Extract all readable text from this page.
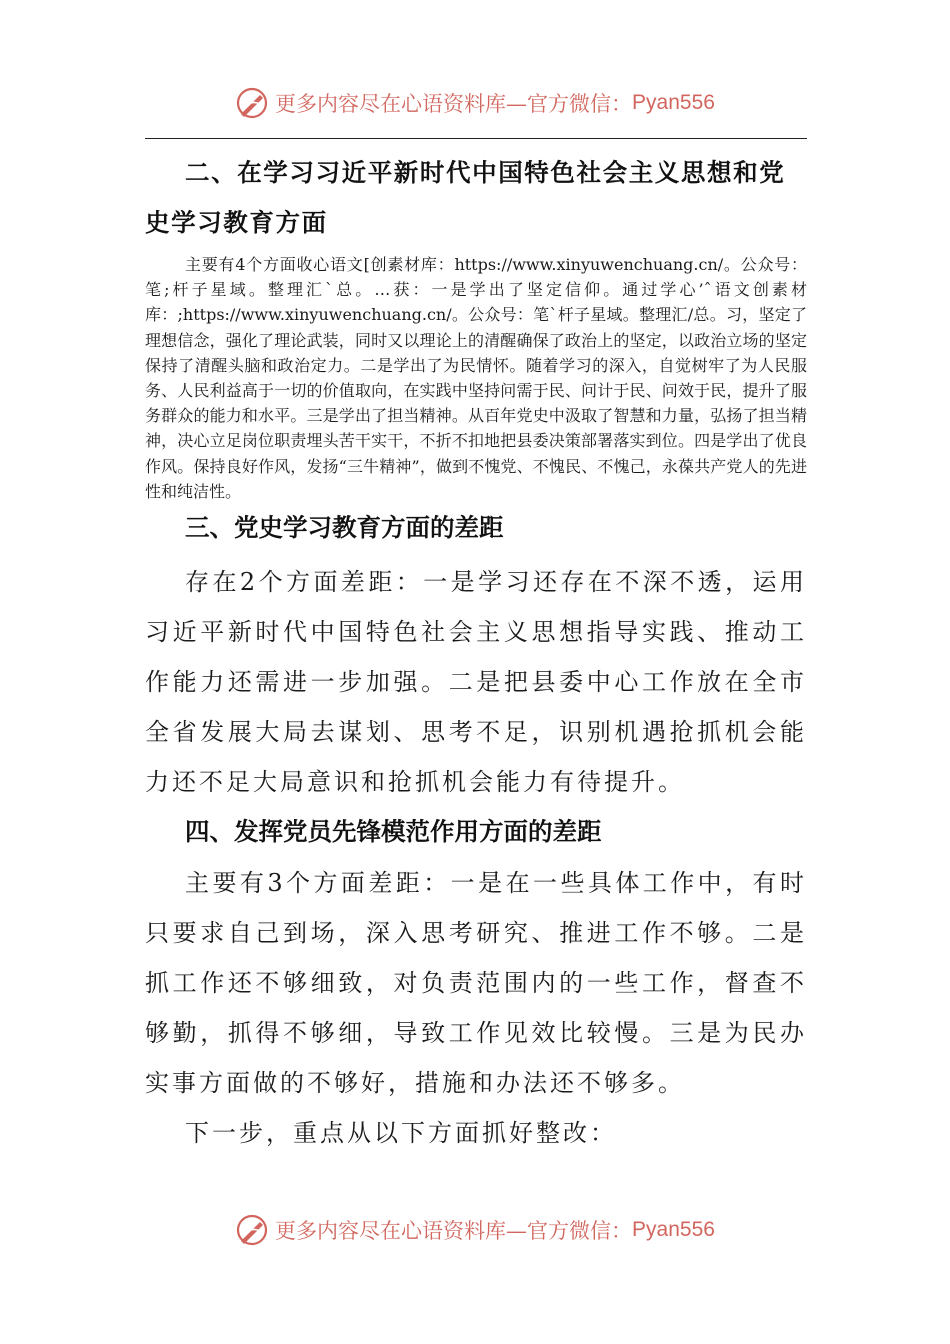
更多内容尽在心语资料库—官方微信： Pyan556
二、在学习习近平新时代中国特色社会主义思想和党史学习教育方面

主要有4个方面收心语文[创素材库：https://www.xinyuwenchuang.cn/。公众号：笔;杆子星域。整理汇`总。…获：一是学出了坚定信仰。通过学心’ˆ语文创素材库：;https://www.xinyuwenchuang.cn/。公众号：笔`杆子星域。整理汇/总。习，坚定了理想信念，强化了理论武装，同时又以理论上的清醒确保了政治上的坚定，以政治立场的坚定保持了清醒头脑和政治定力。二是学出了为民情怀。随着学习的深入，自觉树牢了为人民服务、人民利益高于一切的价值取向，在实践中坚持问需于民、问计于民、问效于民，提升了服务群众的能力和水平。三是学出了担当精神。从百年党史中汲取了智慧和力量，弘扬了担当精神，决心立足岗位职责埋头苦干实干，不折不扣地把县委决策部署落实到位。四是学出了优良作风。保持良好作风，发扬“三牛精神”，做到不愧党、不愧民、不愧己，永葆共产党人的先进性和纯洁性。

三、党史学习教育方面的差距

存在2个方面差距：一是学习还存在不深不透，运用习近平新时代中国特色社会主义思想指导实践、推动工作能力还需进一步加强。二是把县委中心工作放在全市全省发展大局去谋划、思考不足，识别机遇抢抓机会能力还不足大局意识和抢抓机会能力有待提升。

四、发挥党员先锋模范作用方面的差距

主要有3个方面差距：一是在一些具体工作中，有时只要求自己到场，深入思考研究、推进工作不够。二是抓工作还不够细致，对负责范围内的一些工作，督查不够勤，抓得不够细，导致工作见效比较慢。三是为民办实事方面做的不够好，措施和办法还不够多。

下一步，重点从以下方面抓好整改：

更多内容尽在心语资料库—官方微信： Pyan556
